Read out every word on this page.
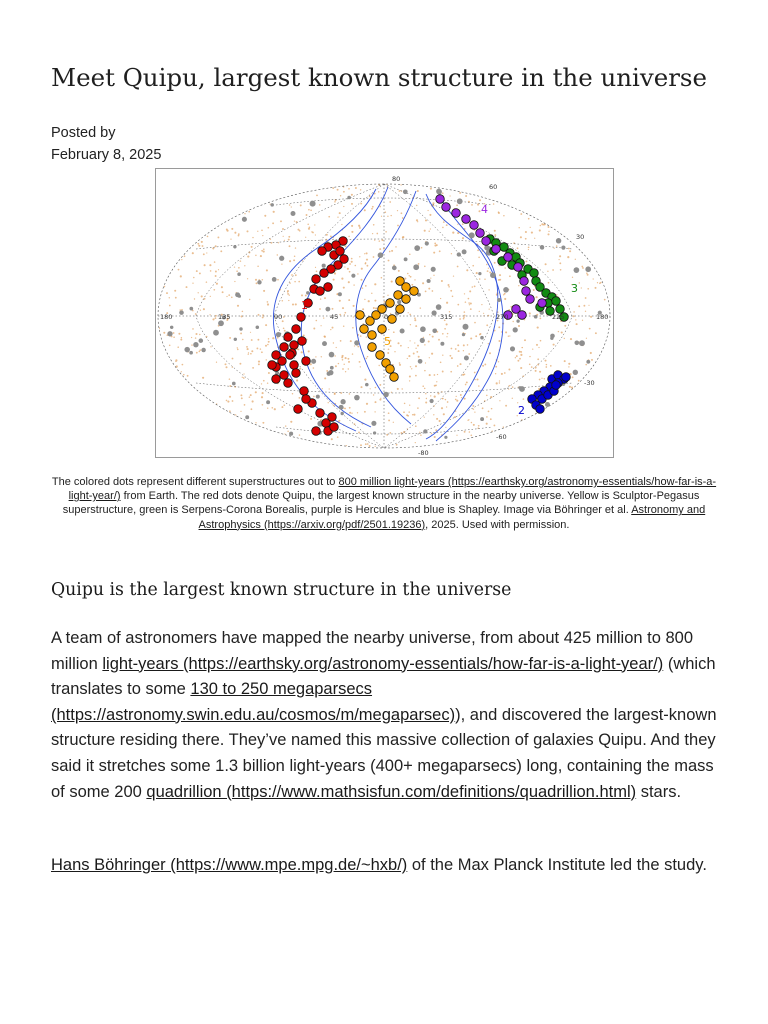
Meet Quipu, largest known structure in the universe
Posted by
February 8, 2025
180	135	90	45	0	315	270	225	180
60
30
-30
-60
80
-80
1
2
3
4
5
The colored dots represent different superstructures out to 800 million light-years (https://earthsky.org/astronomy-essentials/how-far-is-a-light-year/) from Earth. The red dots denote Quipu, the largest known structure in the nearby universe. Yellow is Sculptor-Pegasus superstructure, green is Serpens-Corona Borealis, purple is Hercules and blue is Shapley. Image via Böhringer et al. Astronomy and Astrophysics (https://arxiv.org/pdf/2501.19236), 2025. Used with permission.
Quipu is the largest known structure in the universe

A team of astronomers have mapped the nearby universe, from about 425 million to 800 million light-years (https://earthsky.org/astronomy-essentials/how-far-is-a-light-year/) (which translates to some 130 to 250 megaparsecs (https://astronomy.swin.edu.au/cosmos/m/megaparsec)), and discovered the largest-known structure residing there. They’ve named this massive collection of galaxies Quipu. And they said it stretches some 1.3 billion light-years (400+ megaparsecs) long, containing the mass of some 200 quadrillion (https://www.mathsisfun.com/definitions/quadrillion.html) stars.

Hans Böhringer (https://www.mpe.mpg.de/~hxb/) of the Max Planck Institute led the study.
